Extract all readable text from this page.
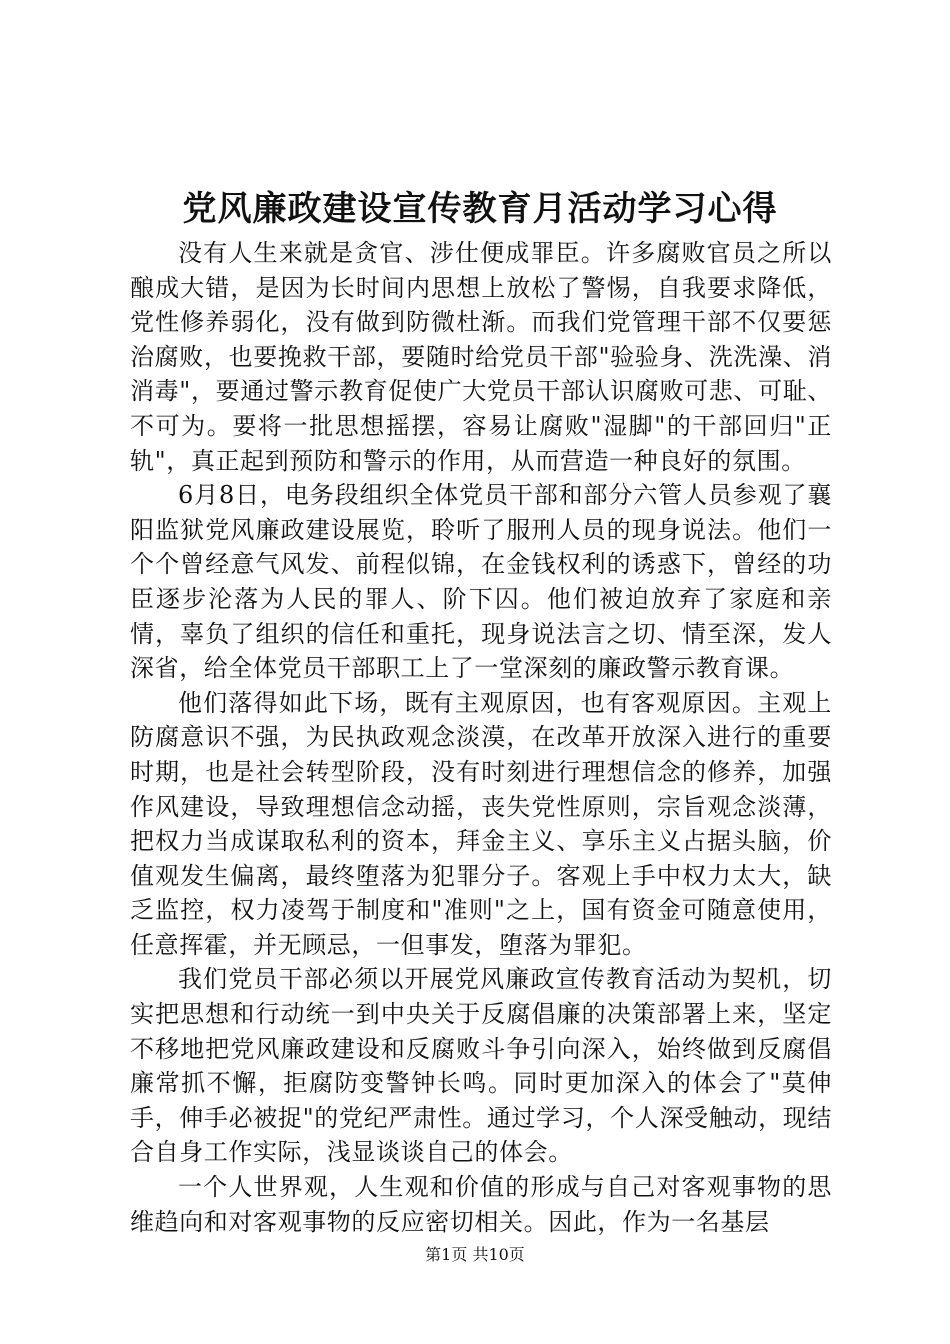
党风廉政建设宣传教育月活动学习心得

没有人生来就是贪官、涉仕便成罪臣。许多腐败官员之所以酿成大错，是因为长时间内思想上放松了警惕，自我要求降低，党性修养弱化，没有做到防微杜渐。而我们党管理干部不仅要惩治腐败，也要挽救干部，要随时给党员干部"验验身、洗洗澡、消消毒"，要通过警示教育促使广大党员干部认识腐败可悲、可耻、不可为。要将一批思想摇摆，容易让腐败"湿脚"的干部回归"正轨"，真正起到预防和警示的作用，从而营造一种良好的氛围。

6月8日，电务段组织全体党员干部和部分六管人员参观了襄阳监狱党风廉政建设展览，聆听了服刑人员的现身说法。他们一个个曾经意气风发、前程似锦，在金钱权利的诱惑下，曾经的功臣逐步沦落为人民的罪人、阶下囚。他们被迫放弃了家庭和亲情，辜负了组织的信任和重托，现身说法言之切、情至深，发人深省，给全体党员干部职工上了一堂深刻的廉政警示教育课。

他们落得如此下场，既有主观原因，也有客观原因。主观上防腐意识不强，为民执政观念淡漠，在改革开放深入进行的重要时期，也是社会转型阶段，没有时刻进行理想信念的修养，加强作风建设，导致理想信念动摇，丧失党性原则，宗旨观念淡薄，把权力当成谋取私利的资本，拜金主义、享乐主义占据头脑，价值观发生偏离，最终堕落为犯罪分子。客观上手中权力太大，缺乏监控，权力凌驾于制度和"准则"之上，国有资金可随意使用，任意挥霍，并无顾忌，一但事发，堕落为罪犯。

我们党员干部必须以开展党风廉政宣传教育活动为契机，切实把思想和行动统一到中央关于反腐倡廉的决策部署上来，坚定不移地把党风廉政建设和反腐败斗争引向深入，始终做到反腐倡廉常抓不懈，拒腐防变警钟长鸣。同时更加深入的体会了"莫伸手，伸手必被捉"的党纪严肃性。通过学习，个人深受触动，现结合自身工作实际，浅显谈谈自己的体会。

一个人世界观，人生观和价值的形成与自己对客观事物的思维趋向和对客观事物的反应密切相关。因此，作为一名基层

第1页 共10页
